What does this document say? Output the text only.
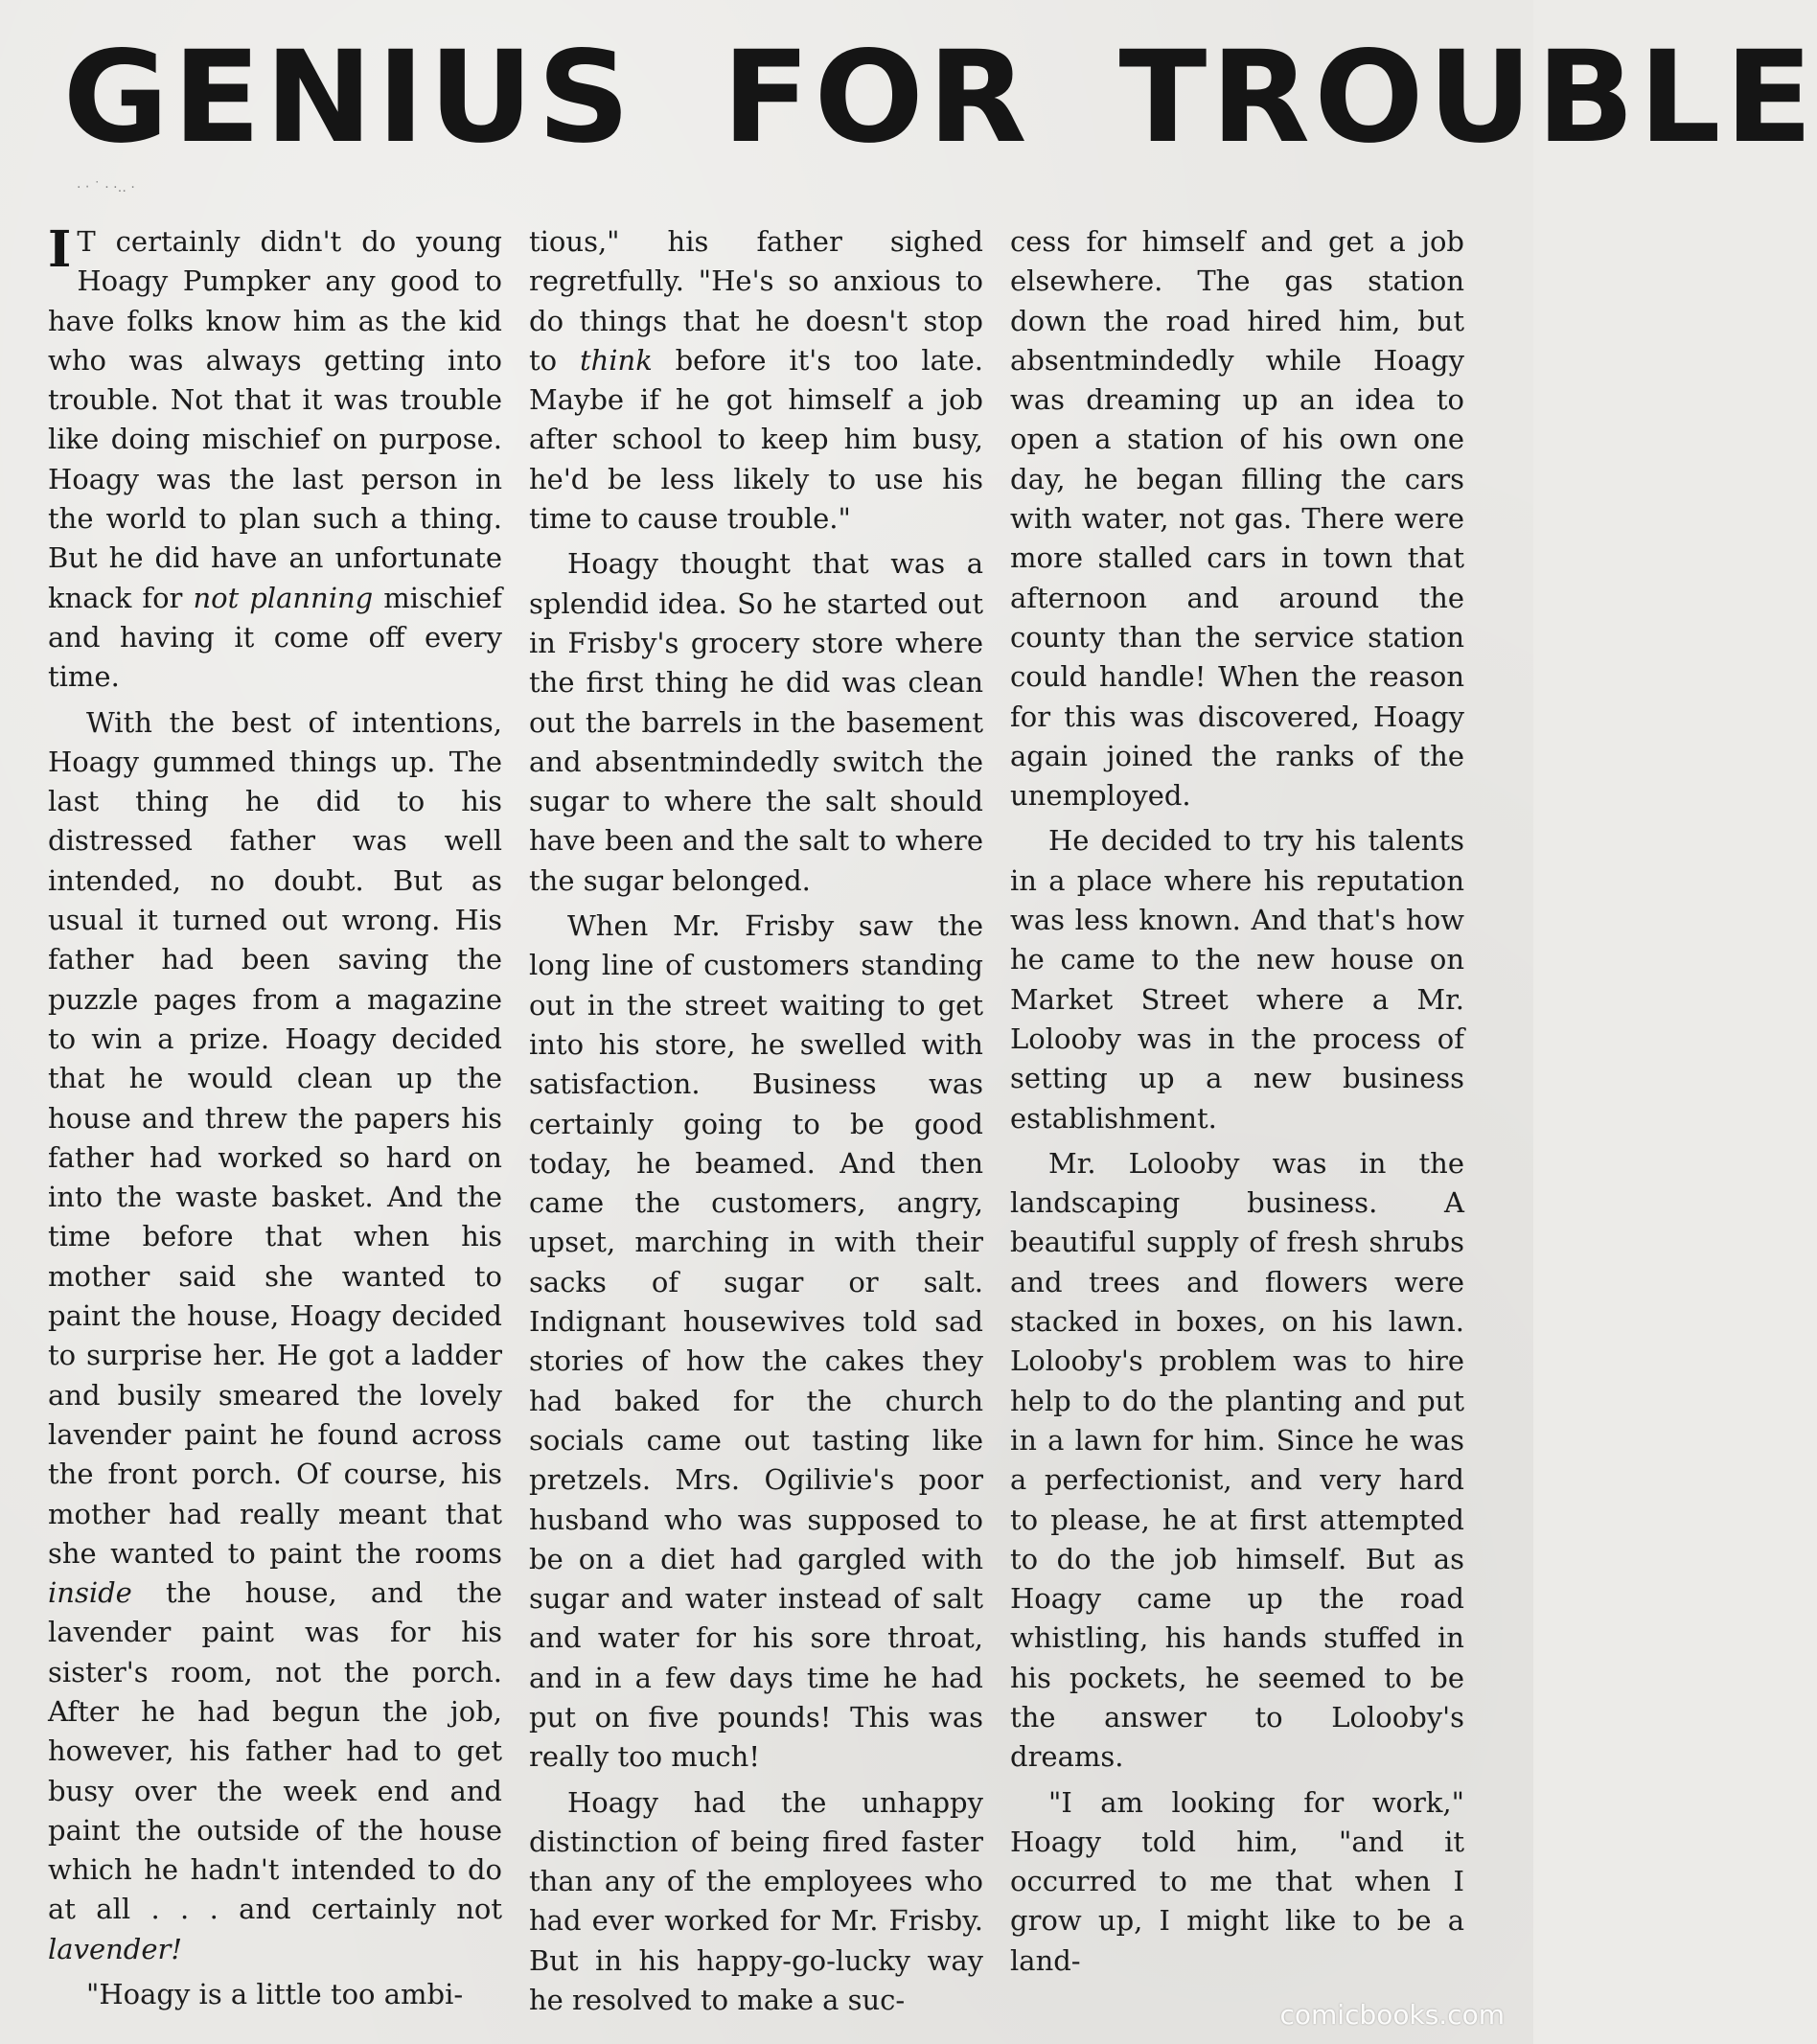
GENIUS FOR TROUBLE
· ‧ ˙ · ·‥ ·

I T certainly didn't do young Hoagy Pumpker any good to have folks know him as the kid who was always getting into trouble. Not that it was trouble like doing mischief on purpose. Hoagy was the last person in the world to plan such a thing. But he did have an unfortunate knack for not planning mischief and having it come off every time.

With the best of intentions, Hoagy gummed things up. The last thing he did to his distressed father was well intended, no doubt. But as usual it turned out wrong. His father had been saving the puzzle pages from a magazine to win a prize. Hoagy decided that he would clean up the house and threw the papers his father had worked so hard on into the waste basket. And the time before that when his mother said she wanted to paint the house, Hoagy decided to surprise her. He got a ladder and busily smeared the lovely lavender paint he found across the front porch. Of course, his mother had really meant that she wanted to paint the rooms inside the house, and the lavender paint was for his sister's room, not the porch. After he had begun the job, however, his father had to get busy over the week end and paint the outside of the house which he hadn't intended to do at all . . . and certainly not lavender!

"Hoagy is a little too ambi-

tious," his father sighed regretfully. "He's so anxious to do things that he doesn't stop to think before it's too late. Maybe if he got himself a job after school to keep him busy, he'd be less likely to use his time to cause trouble."

Hoagy thought that was a splendid idea. So he started out in Frisby's grocery store where the first thing he did was clean out the barrels in the basement and absentmindedly switch the sugar to where the salt should have been and the salt to where the sugar belonged.

When Mr. Frisby saw the long line of customers standing out in the street waiting to get into his store, he swelled with satisfaction. Business was certainly going to be good today, he beamed. And then came the customers, angry, upset, marching in with their sacks of sugar or salt. Indignant housewives told sad stories of how the cakes they had baked for the church socials came out tasting like pretzels. Mrs. Ogilivie's poor husband who was supposed to be on a diet had gargled with sugar and water instead of salt and water for his sore throat, and in a few days time he had put on five pounds! This was really too much!

Hoagy had the unhappy distinction of being fired faster than any of the employees who had ever worked for Mr. Frisby. But in his happy-go-lucky way he resolved to make a suc-

cess for himself and get a job elsewhere. The gas station down the road hired him, but absentmindedly while Hoagy was dreaming up an idea to open a station of his own one day, he began filling the cars with water, not gas. There were more stalled cars in town that afternoon and around the county than the service station could handle! When the reason for this was discovered, Hoagy again joined the ranks of the unemployed.

He decided to try his talents in a place where his reputation was less known. And that's how he came to the new house on Market Street where a Mr. Lolooby was in the process of setting up a new business establishment.

Mr. Lolooby was in the landscaping business. A beautiful supply of fresh shrubs and trees and flowers were stacked in boxes, on his lawn. Lolooby's problem was to hire help to do the planting and put in a lawn for him. Since he was a perfectionist, and very hard to please, he at first attempted to do the job himself. But as Hoagy came up the road whistling, his hands stuffed in his pockets, he seemed to be the answer to Lolooby's dreams.

"I am looking for work," Hoagy told him, "and it occurred to me that when I grow up, I might like to be a land-

comicbooks.com
